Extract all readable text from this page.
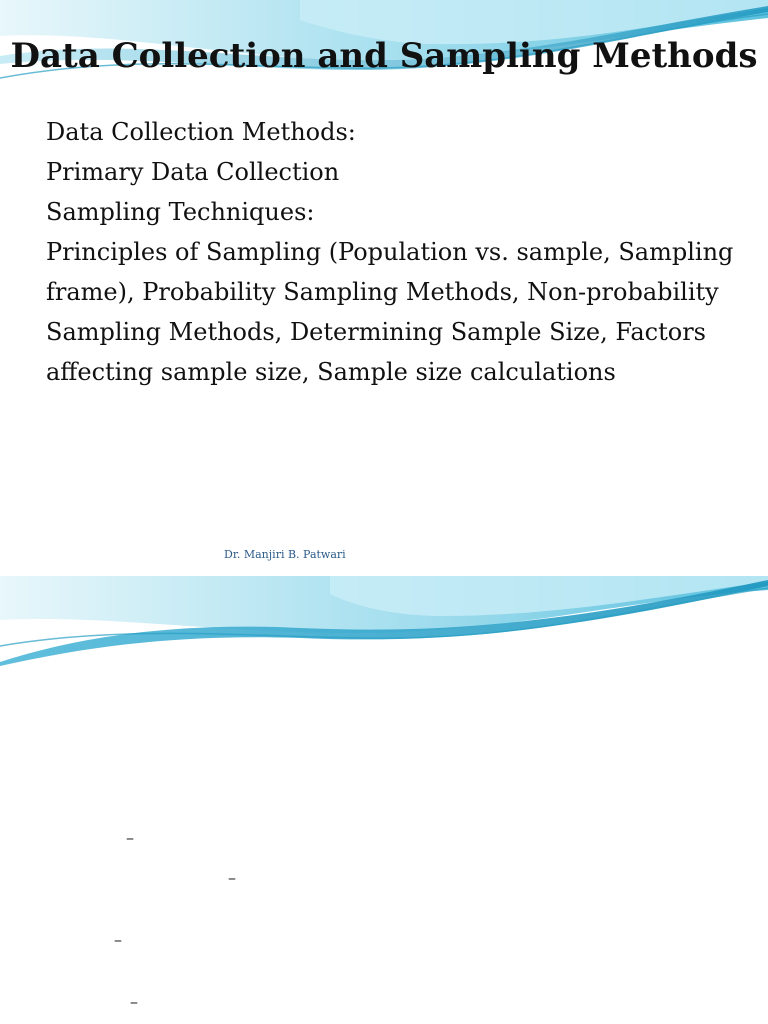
Data Collection and Sampling Methods
Data Collection Methods:
Primary Data Collection
Sampling Techniques:
Principles of Sampling (Population vs. sample, Sampling frame), Probability Sampling Methods, Non-probability Sampling Methods, Determining Sample Size, Factors affecting sample size, Sample size calculations
Dr. Manjiri B. Patwari
–
–
–
–
